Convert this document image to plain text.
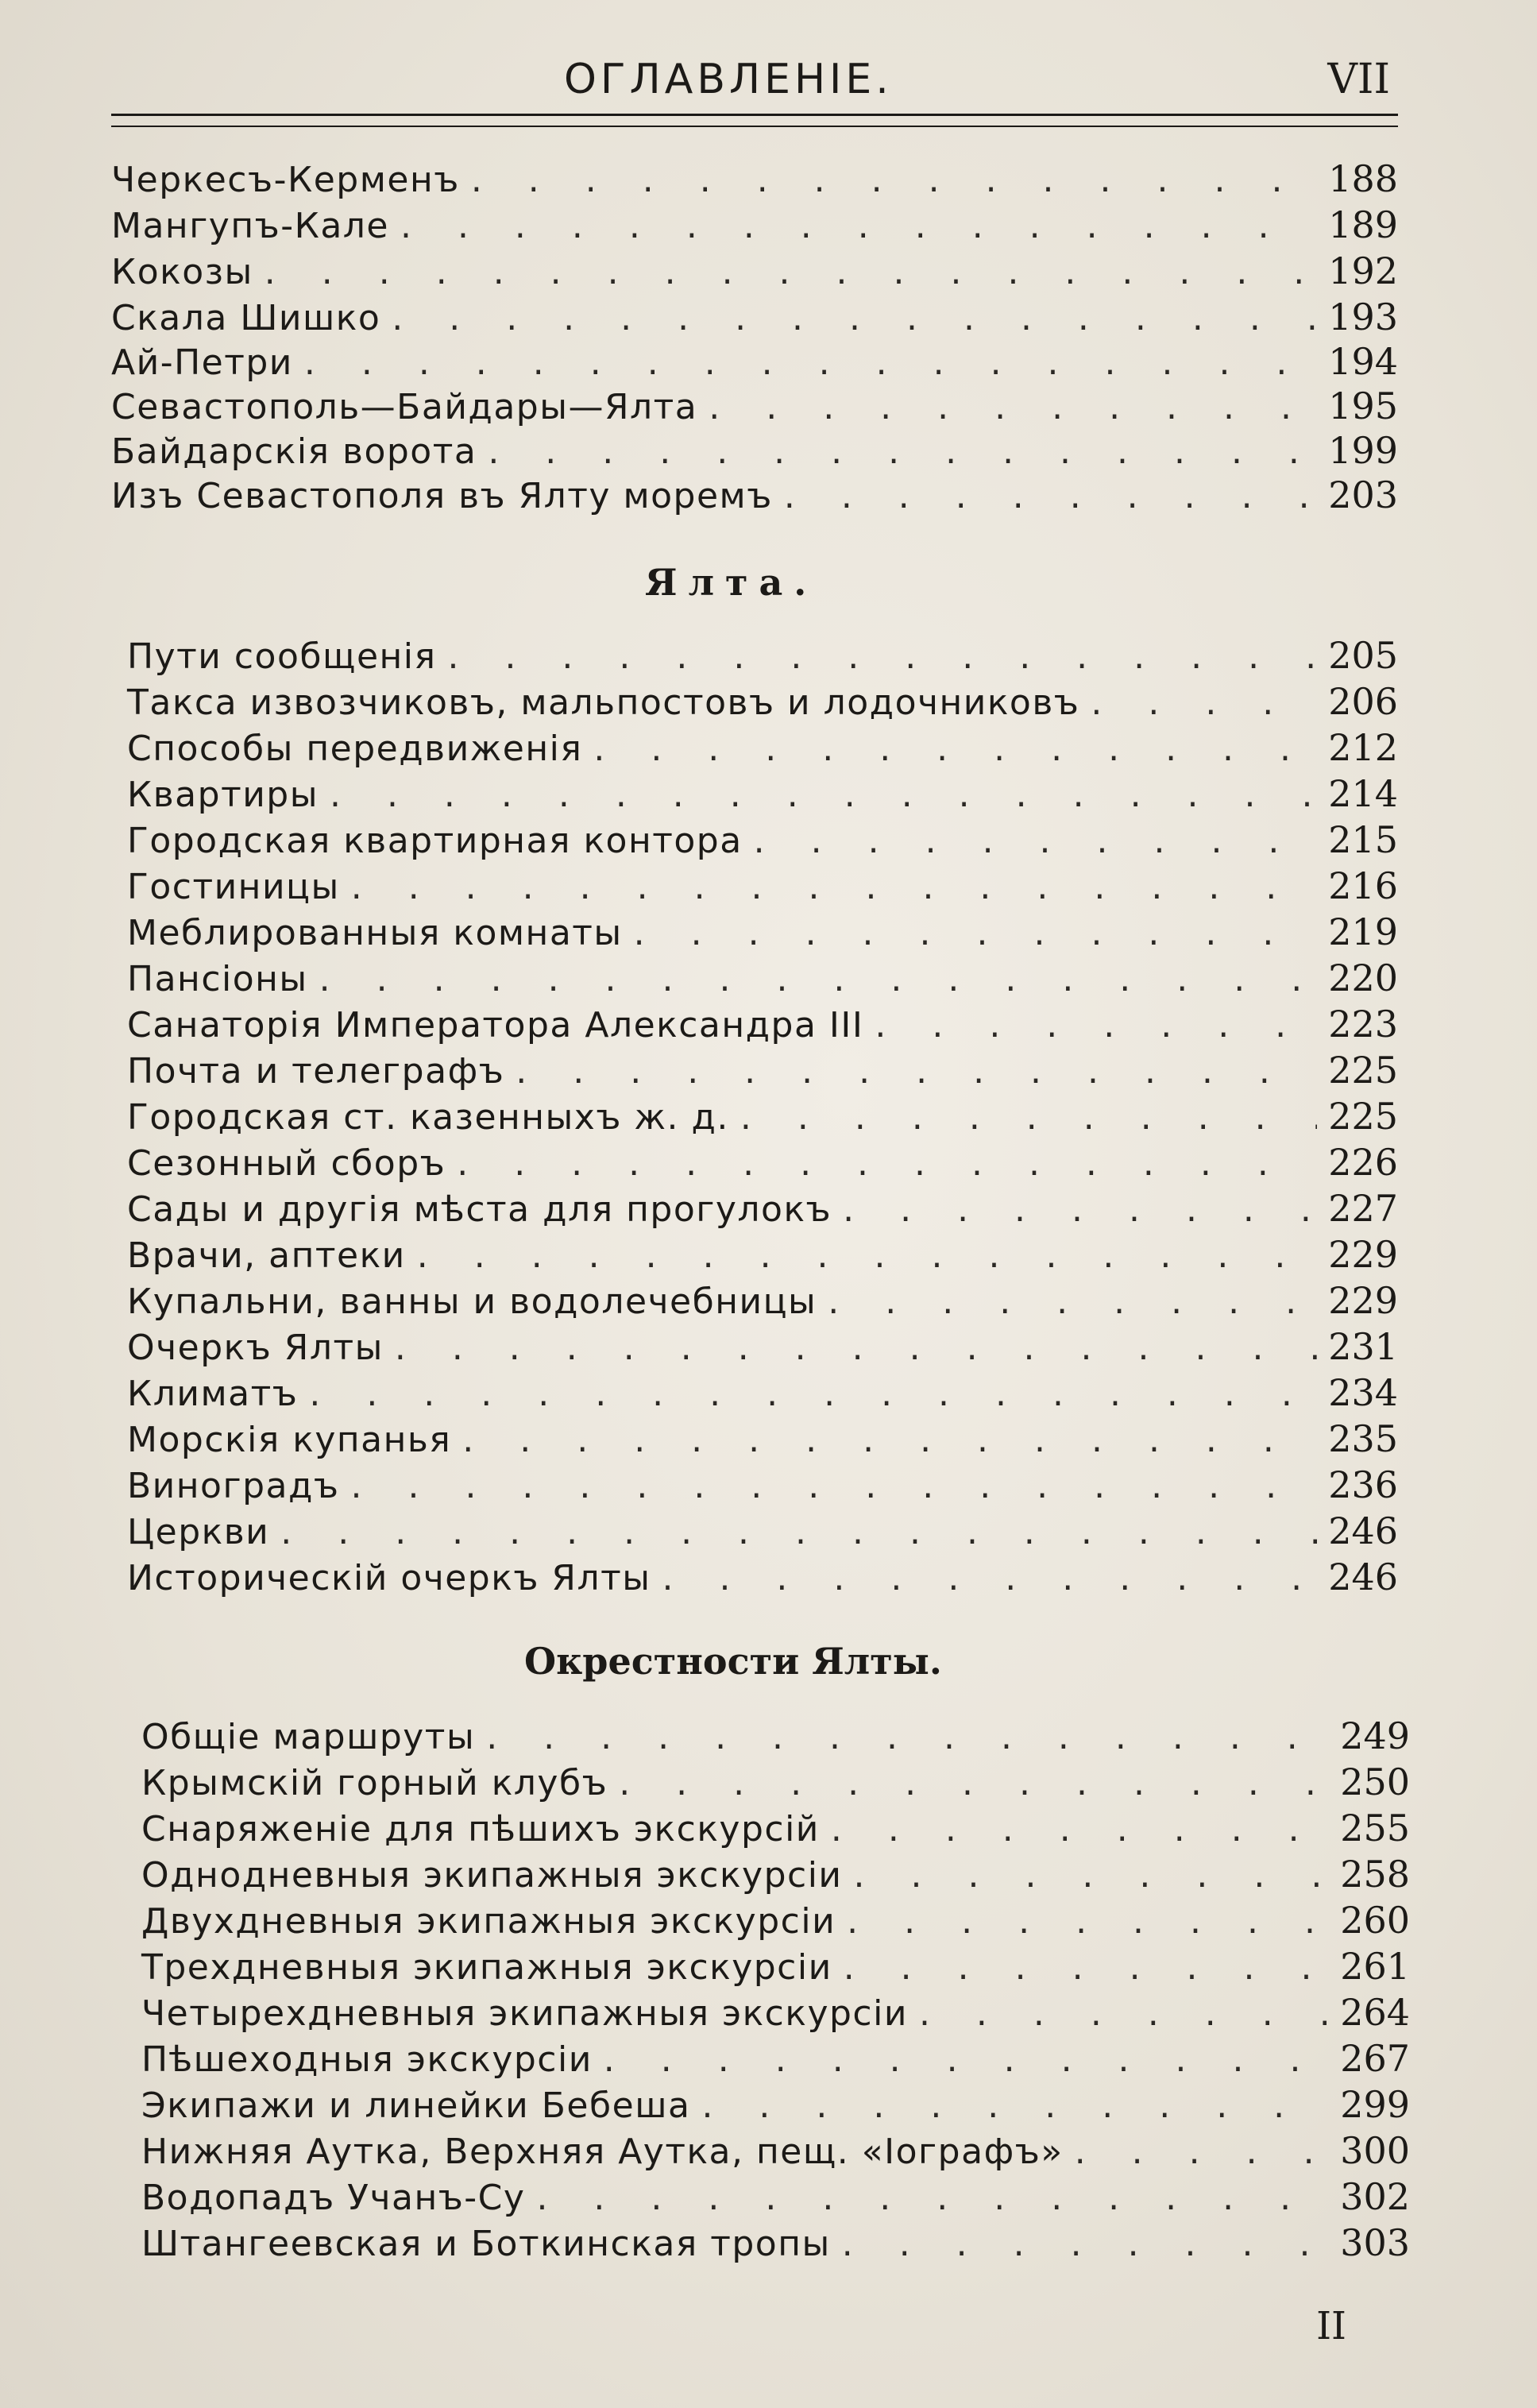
ОГЛАВЛЕНІЕ.	VII
Черкесъ-Керменъ . . .	188
Мангупъ-Кале . . .	189
Кокозы . . .	192
Скала Шишко . . .	193
Ай-Петри . . .	194
Севастополь—Байдары—Ялта . . .	195
Байдарскія ворота . . .	199
Изъ Севастополя въ Ялту моремъ . . .	203
Ялта.
Пути сообщенія . . .	205
Такса извозчиковъ, мальпостовъ и лодочниковъ . . .	206
Способы передвиженія . . .	212
Квартиры . . .	214
Городская квартирная контора . . .	215
Гостиницы . . .	216
Меблированныя комнаты . . .	219
Пансіоны . . .	220
Санаторія Императора Александра III . . .	223
Почта и телеграфъ . . .	225
Городская ст. казенныхъ ж. д. . . .	225
Сезонный сборъ . . .	226
Сады и другія мѣста для прогулокъ . . .	227
Врачи, аптеки . . .	229
Купальни, ванны и водолечебницы . . .	229
Очеркъ Ялты . . .	231
Климатъ . . .	234
Морскія купанья . . .	235
Виноградъ . . .	236
Церкви . . .	246
Историческій очеркъ Ялты . . .	246
Окрестности Ялты.
Общіе маршруты . . .	249
Крымскій горный клубъ . . .	250
Снаряженіе для пѣшихъ экскурсій . . .	255
Однодневныя экипажныя экскурсіи . . .	258
Двухдневныя экипажныя экскурсіи . . .	260
Трехдневныя экипажныя экскурсіи . . .	261
Четырехдневныя экипажныя экскурсіи . . .	264
Пѣшеходныя экскурсіи . . .	267
Экипажи и линейки Бебеша . . .	299
Нижняя Аутка, Верхняя Аутка, пещ. «Іографъ» . . .	300
Водопадъ Учанъ-Су . . .	302
Штангеевская и Боткинская тропы . . .	303
II
